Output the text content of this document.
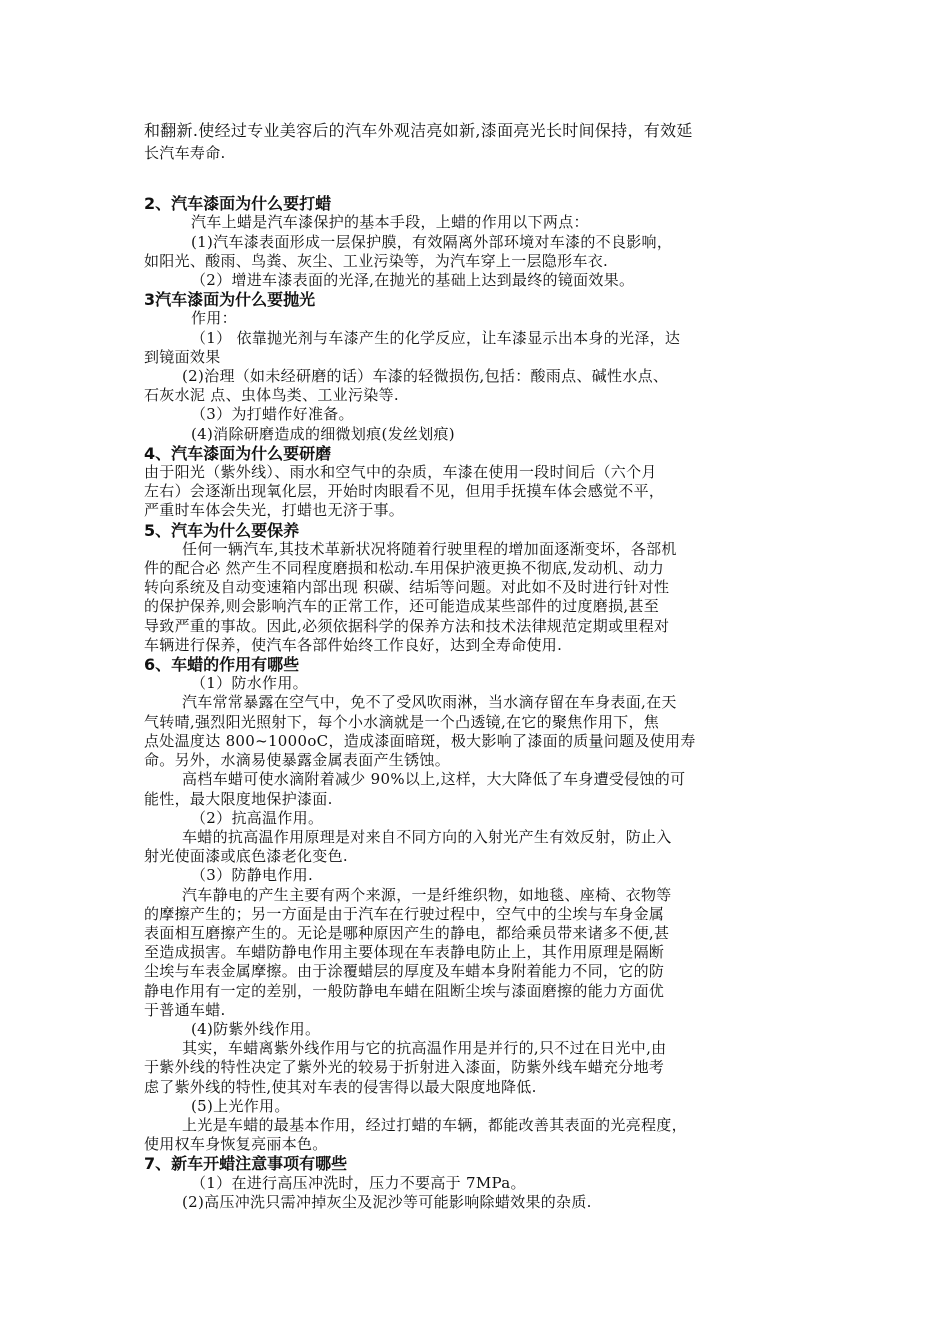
和翻新.使经过专业美容后的汽车外观洁亮如新,漆面亮光长时间保持，有效延

长汽车寿命.

2、汽车漆面为什么要打蜡

汽车上蜡是汽车漆保护的基本手段，上蜡的作用以下两点：

(1)汽车漆表面形成一层保护膜，有效隔离外部环境对车漆的不良影响，

如阳光、酸雨、鸟粪、灰尘、工业污染等，为汽车穿上一层隐形车衣.

（2）增进车漆表面的光泽,在抛光的基础上达到最终的镜面效果。

3汽车漆面为什么要抛光

作用：

（1） 依靠抛光剂与车漆产生的化学反应，让车漆显示出本身的光泽，达

到镜面效果

(2)治理（如未经研磨的话）车漆的轻微损伤,包括：酸雨点、碱性水点、

石灰水泥 点、虫体鸟类、工业污染等.

（3）为打蜡作好准备。

(4)消除研磨造成的细微划痕(发丝划痕)

4、汽车漆面为什么要研磨

由于阳光（紫外线）、雨水和空气中的杂质，车漆在使用一段时间后（六个月

左右）会逐渐出现氧化层，开始时肉眼看不见，但用手抚摸车体会感觉不平，

严重时车体会失光，打蜡也无济于事。

5、汽车为什么要保养

任何一辆汽车,其技术革新状况将随着行驶里程的增加面逐渐变坏，各部机

件的配合必 然产生不同程度磨损和松动.车用保护液更换不彻底,发动机、动力

转向系统及自动变速箱内部出现 积碳、结垢等问题。对此如不及时进行针对性

的保护保养,则会影响汽车的正常工作，还可能造成某些部件的过度磨损,甚至

导致严重的事故。因此,必须依据科学的保养方法和技术法律规范定期或里程对

车辆进行保养，使汽车各部件始终工作良好，达到全寿命使用.

6、车蜡的作用有哪些

（1）防水作用。

汽车常常暴露在空气中，免不了受风吹雨淋，当水滴存留在车身表面,在天

气转晴,强烈阳光照射下，每个小水滴就是一个凸透镜,在它的聚焦作用下，焦

点处温度达 800~1000oC，造成漆面暗斑，极大影响了漆面的质量问题及使用寿

命。另外，水滴易使暴露金属表面产生锈蚀。

高档车蜡可使水滴附着减少 90%以上,这样，大大降低了车身遭受侵蚀的可

能性，最大限度地保护漆面.

（2）抗高温作用。

车蜡的抗高温作用原理是对来自不同方向的入射光产生有效反射，防止入

射光使面漆或底色漆老化变色.

（3）防静电作用.

汽车静电的产生主要有两个来源，一是纤维织物，如地毯、座椅、衣物等

的摩擦产生的；另一方面是由于汽车在行驶过程中，空气中的尘埃与车身金属

表面相互磨擦产生的。无论是哪种原因产生的静电，都给乘员带来诸多不便,甚

至造成损害。车蜡防静电作用主要体现在车表静电防止上，其作用原理是隔断

尘埃与车表金属摩擦。由于涂覆蜡层的厚度及车蜡本身附着能力不同，它的防

静电作用有一定的差别，一般防静电车蜡在阻断尘埃与漆面磨擦的能力方面优

于普通车蜡.

(4)防紫外线作用。

其实，车蜡离紫外线作用与它的抗高温作用是并行的,只不过在日光中,由

于紫外线的特性决定了紫外光的较易于折射进入漆面，防紫外线车蜡充分地考

虑了紫外线的特性,使其对车表的侵害得以最大限度地降低.

(5)上光作用。

上光是车蜡的最基本作用，经过打蜡的车辆，都能改善其表面的光亮程度，

使用权车身恢复亮丽本色。

7、新车开蜡注意事项有哪些

（1）在进行高压冲洗时，压力不要高于 7MPa。

(2)高压冲洗只需冲掉灰尘及泥沙等可能影响除蜡效果的杂质.
